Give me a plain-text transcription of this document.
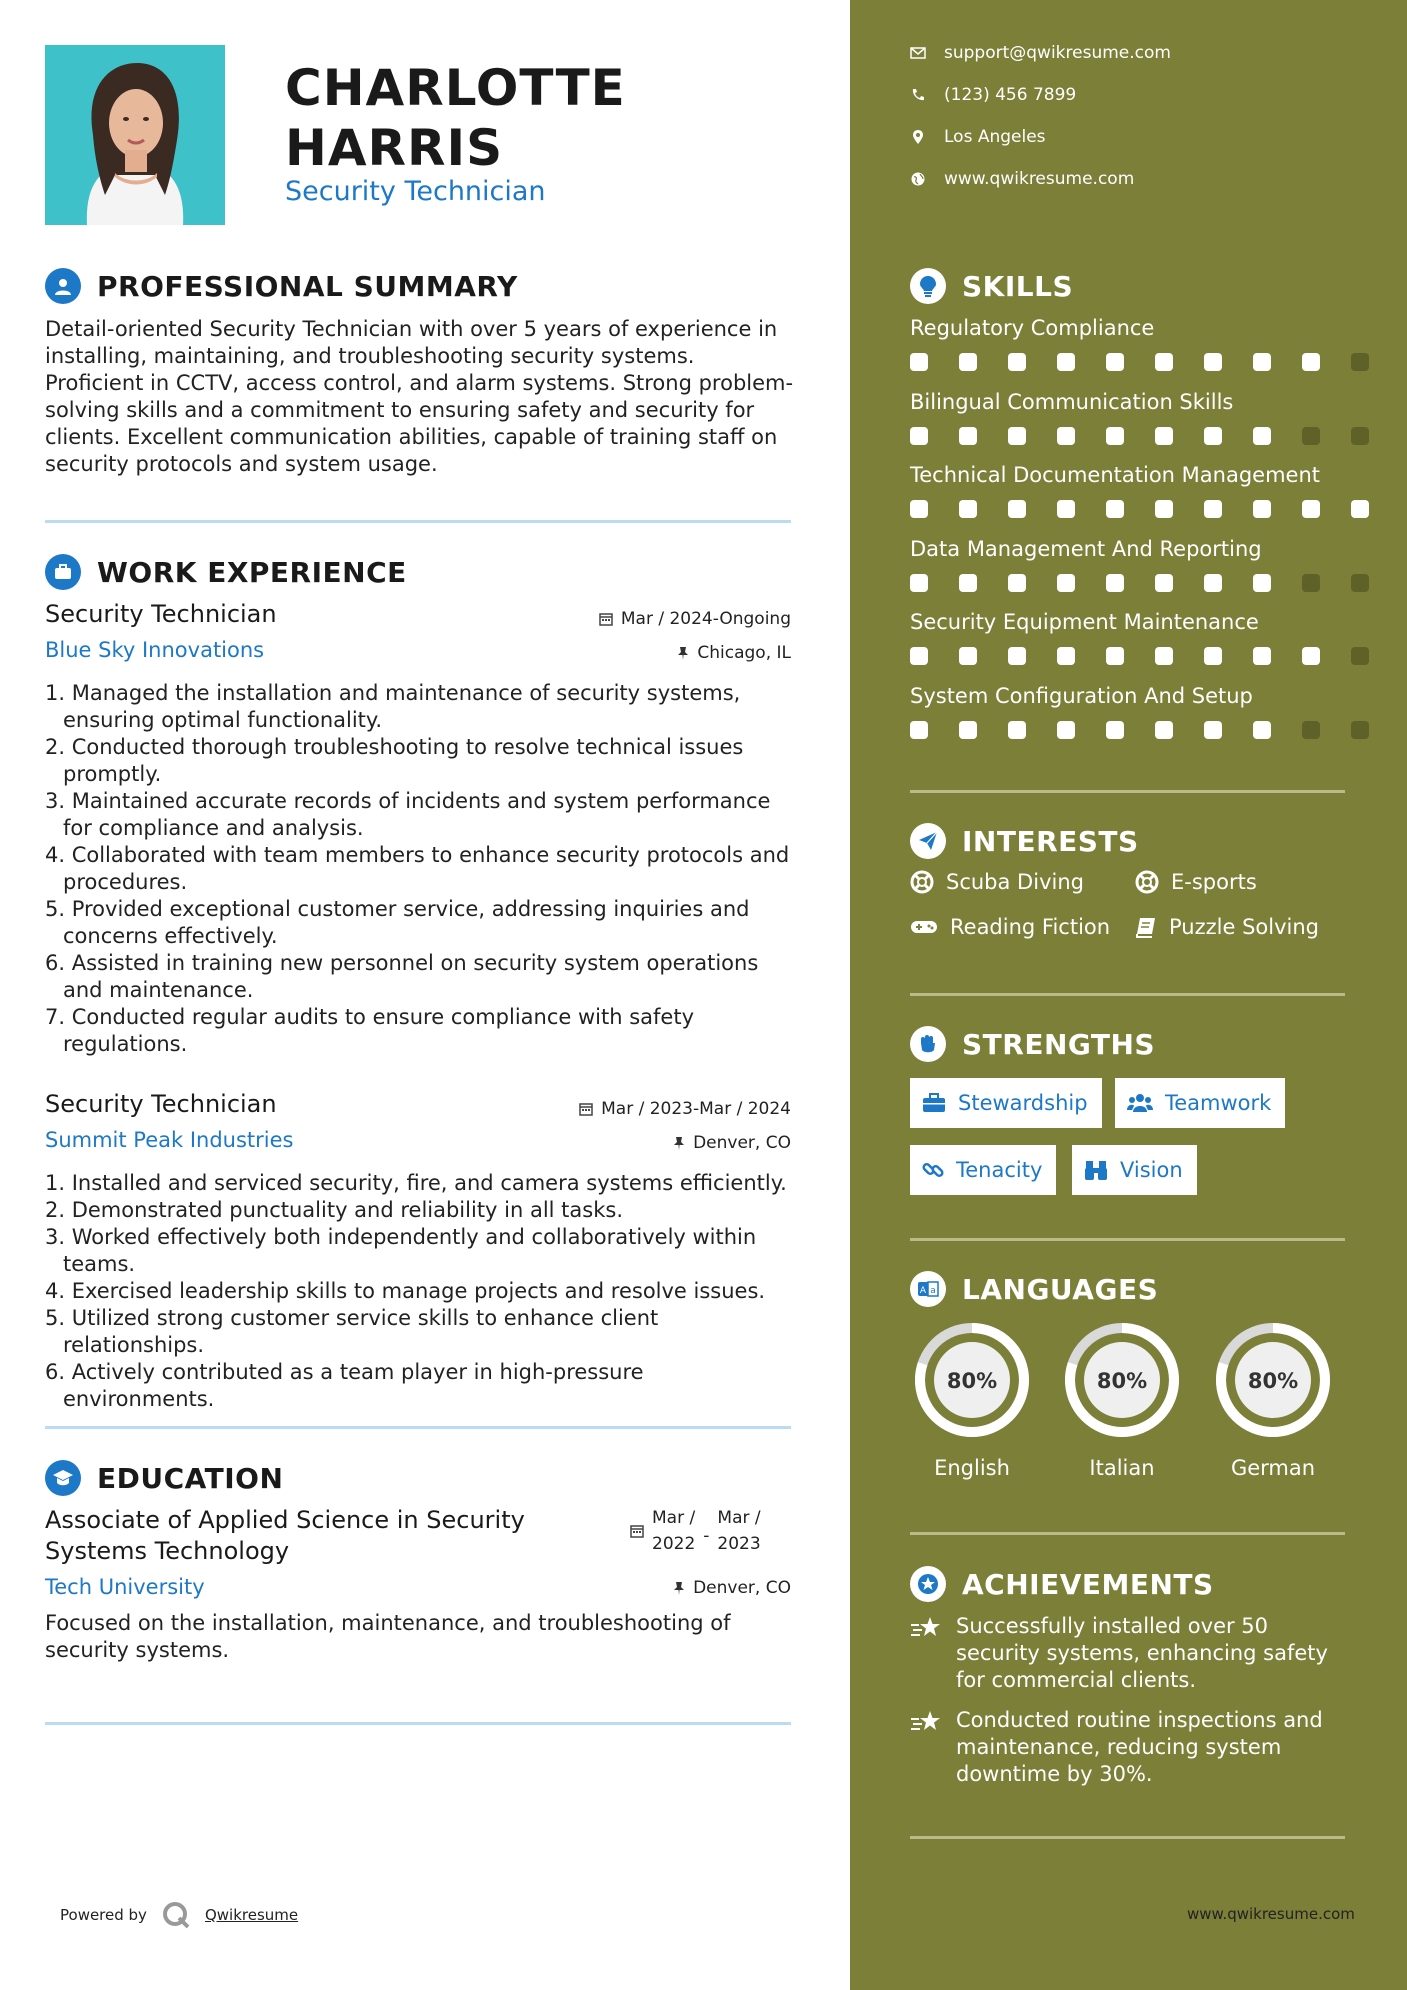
CHARLOTTE
HARRIS
Security Technician
PROFESSIONAL SUMMARY
Detail-oriented Security Technician with over 5 years of experience in installing, maintaining, and troubleshooting security systems. Proficient in CCTV, access control, and alarm systems. Strong problem-solving skills and a commitment to ensuring safety and security for clients. Excellent communication abilities, capable of training staff on security protocols and system usage.
WORK EXPERIENCE
Security Technician	Mar / 2024-Ongoing
Blue Sky Innovations	Chicago, IL
1. Managed the installation and maintenance of security systems, ensuring optimal functionality.
2. Conducted thorough troubleshooting to resolve technical issues promptly.
3. Maintained accurate records of incidents and system performance for compliance and analysis.
4. Collaborated with team members to enhance security protocols and procedures.
5. Provided exceptional customer service, addressing inquiries and concerns effectively.
6. Assisted in training new personnel on security system operations and maintenance.
7. Conducted regular audits to ensure compliance with safety regulations.
Security Technician	Mar / 2023-Mar / 2024
Summit Peak Industries	Denver, CO
1. Installed and serviced security, fire, and camera systems efficiently.
2. Demonstrated punctuality and reliability in all tasks.
3. Worked effectively both independently and collaboratively within teams.
4. Exercised leadership skills to manage projects and resolve issues.
5. Utilized strong customer service skills to enhance client relationships.
6. Actively contributed as a team player in high-pressure environments.
EDUCATION
Associate of Applied Science in Security Systems Technology
Mar /
2022 -
Mar /
2023
Tech University	Denver, CO
Focused on the installation, maintenance, and troubleshooting of security systems.
Powered by	Qwikresume
support@qwikresume.com
(123) 456 7899
Los Angeles
www.qwikresume.com
SKILLS
Regulatory Compliance
Bilingual Communication Skills
Technical Documentation Management
Data Management And Reporting
Security Equipment Maintenance
System Configuration And Setup
INTERESTS
Scuba Diving	E-sports
Reading Fiction	Puzzle Solving
STRENGTHS
Stewardship	Teamwork
Tenacity	Vision
A a LANGUAGES
80%
English
80%
Italian
80%
German
ACHIEVEMENTS
Successfully installed over 50 security systems, enhancing safety for commercial clients.
Conducted routine inspections and maintenance, reducing system downtime by 30%.
www.qwikresume.com
